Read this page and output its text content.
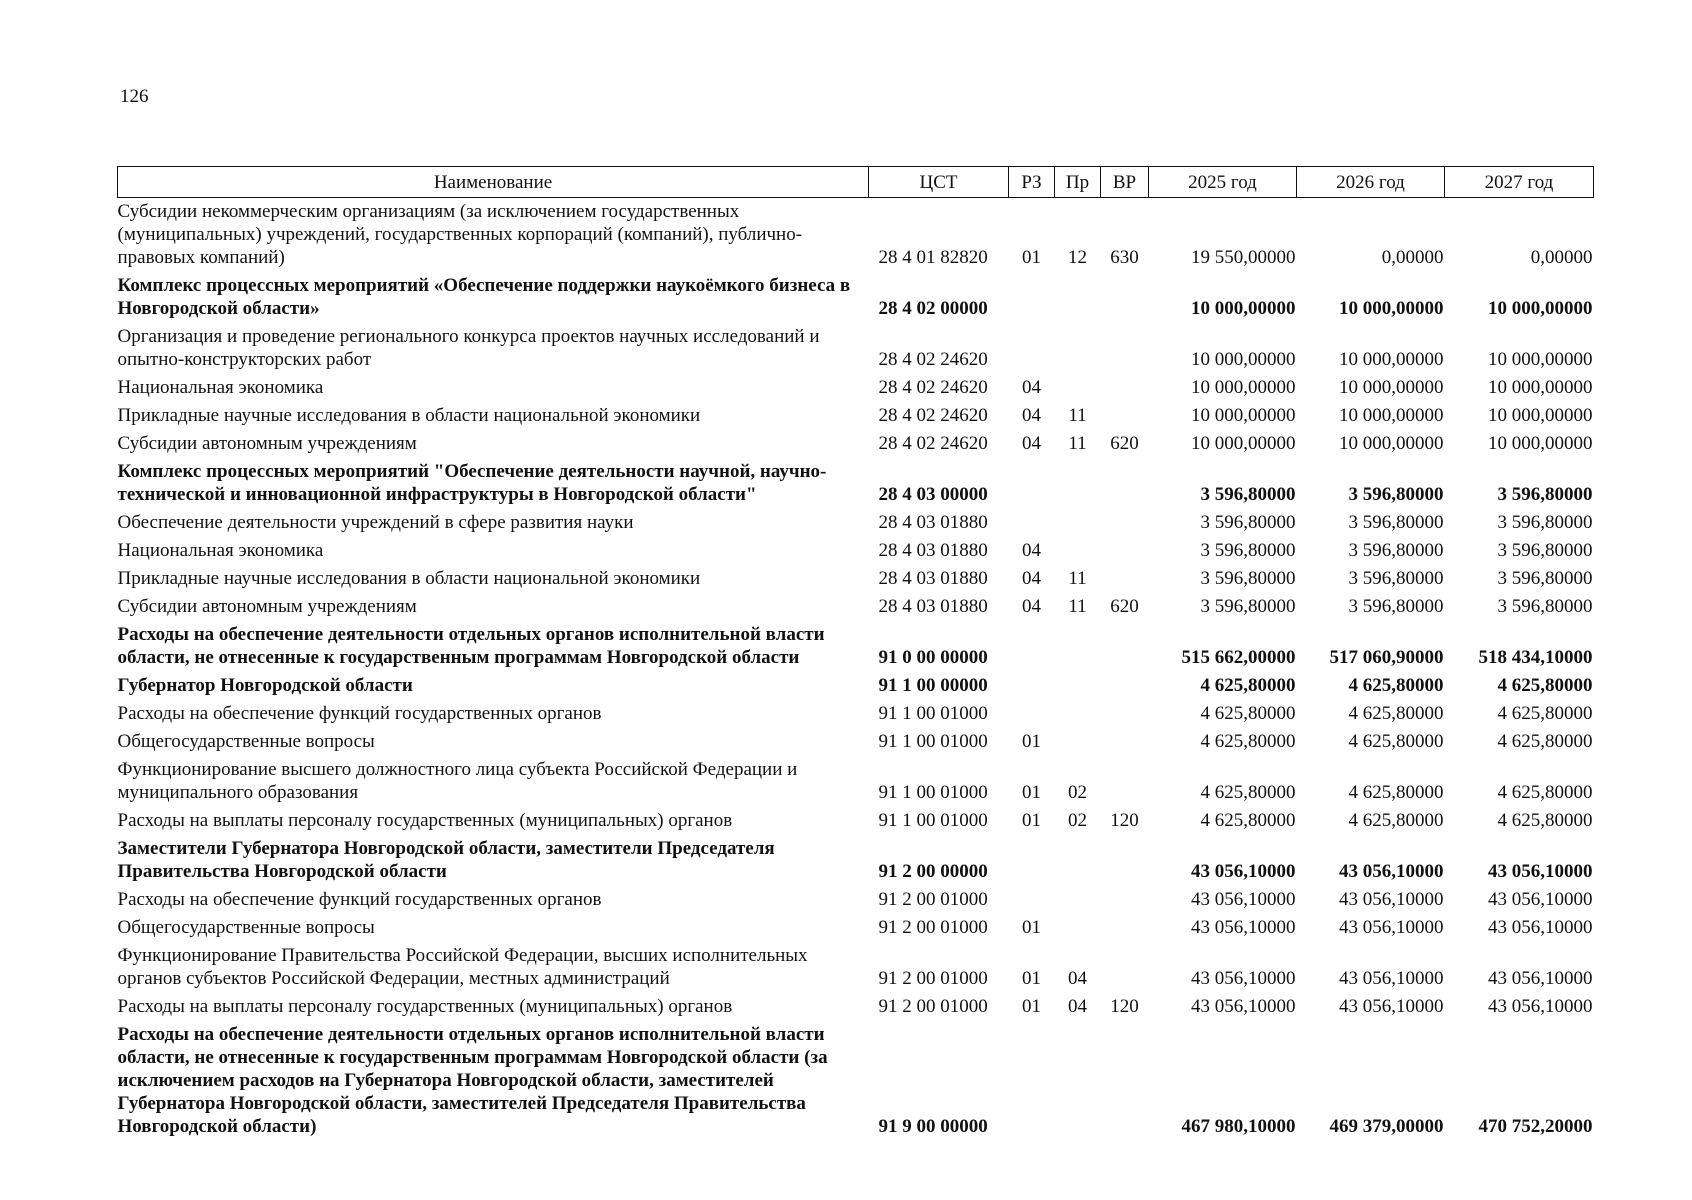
126
Наименование	ЦСТ	РЗ	Пр	ВР	2025 год	2026 год	2027 год
Субсидии некоммерческим организациям (за исключением государственных (муниципальных) учреждений, государственных корпораций (компаний), публично-правовых компаний)	28 4 01 82820	01	12	630	19 550,00000	0,00000	0,00000
Комплекс процессных мероприятий «Обеспечение поддержки наукоёмкого бизнеса в Новгородской области»	28 4 02 00000				10 000,00000	10 000,00000	10 000,00000
Организация и проведение регионального конкурса проектов научных исследований и опытно-конструкторских работ	28 4 02 24620				10 000,00000	10 000,00000	10 000,00000
Национальная экономика	28 4 02 24620	04			10 000,00000	10 000,00000	10 000,00000
Прикладные научные исследования в области национальной экономики	28 4 02 24620	04	11		10 000,00000	10 000,00000	10 000,00000
Субсидии автономным учреждениям	28 4 02 24620	04	11	620	10 000,00000	10 000,00000	10 000,00000
Комплекс процессных мероприятий "Обеспечение деятельности научной, научно-технической и инновационной инфраструктуры в Новгородской области"	28 4 03 00000				3 596,80000	3 596,80000	3 596,80000
Обеспечение деятельности учреждений в сфере развития науки	28 4 03 01880				3 596,80000	3 596,80000	3 596,80000
Национальная экономика	28 4 03 01880	04			3 596,80000	3 596,80000	3 596,80000
Прикладные научные исследования в области национальной экономики	28 4 03 01880	04	11		3 596,80000	3 596,80000	3 596,80000
Субсидии автономным учреждениям	28 4 03 01880	04	11	620	3 596,80000	3 596,80000	3 596,80000
Расходы на обеспечение деятельности отдельных органов исполнительной власти области, не отнесенные к государственным программам Новгородской области	91 0 00 00000				515 662,00000	517 060,90000	518 434,10000
Губернатор Новгородской области	91 1 00 00000				4 625,80000	4 625,80000	4 625,80000
Расходы на обеспечение функций государственных органов	91 1 00 01000				4 625,80000	4 625,80000	4 625,80000
Общегосударственные вопросы	91 1 00 01000	01			4 625,80000	4 625,80000	4 625,80000
Функционирование высшего должностного лица субъекта Российской Федерации и муниципального образования	91 1 00 01000	01	02		4 625,80000	4 625,80000	4 625,80000
Расходы на выплаты персоналу государственных (муниципальных) органов	91 1 00 01000	01	02	120	4 625,80000	4 625,80000	4 625,80000
Заместители Губернатора Новгородской области, заместители Председателя Правительства Новгородской области	91 2 00 00000				43 056,10000	43 056,10000	43 056,10000
Расходы на обеспечение функций государственных органов	91 2 00 01000				43 056,10000	43 056,10000	43 056,10000
Общегосударственные вопросы	91 2 00 01000	01			43 056,10000	43 056,10000	43 056,10000
Функционирование Правительства Российской Федерации, высших исполнительных органов субъектов Российской Федерации, местных администраций	91 2 00 01000	01	04		43 056,10000	43 056,10000	43 056,10000
Расходы на выплаты персоналу государственных (муниципальных) органов	91 2 00 01000	01	04	120	43 056,10000	43 056,10000	43 056,10000
Расходы на обеспечение деятельности отдельных органов исполнительной власти области, не отнесенные к государственным программам Новгородской области (за исключением расходов на Губернатора Новгородской области, заместителей Губернатора Новгородской области, заместителей Председателя Правительства Новгородской области)	91 9 00 00000				467 980,10000	469 379,00000	470 752,20000
